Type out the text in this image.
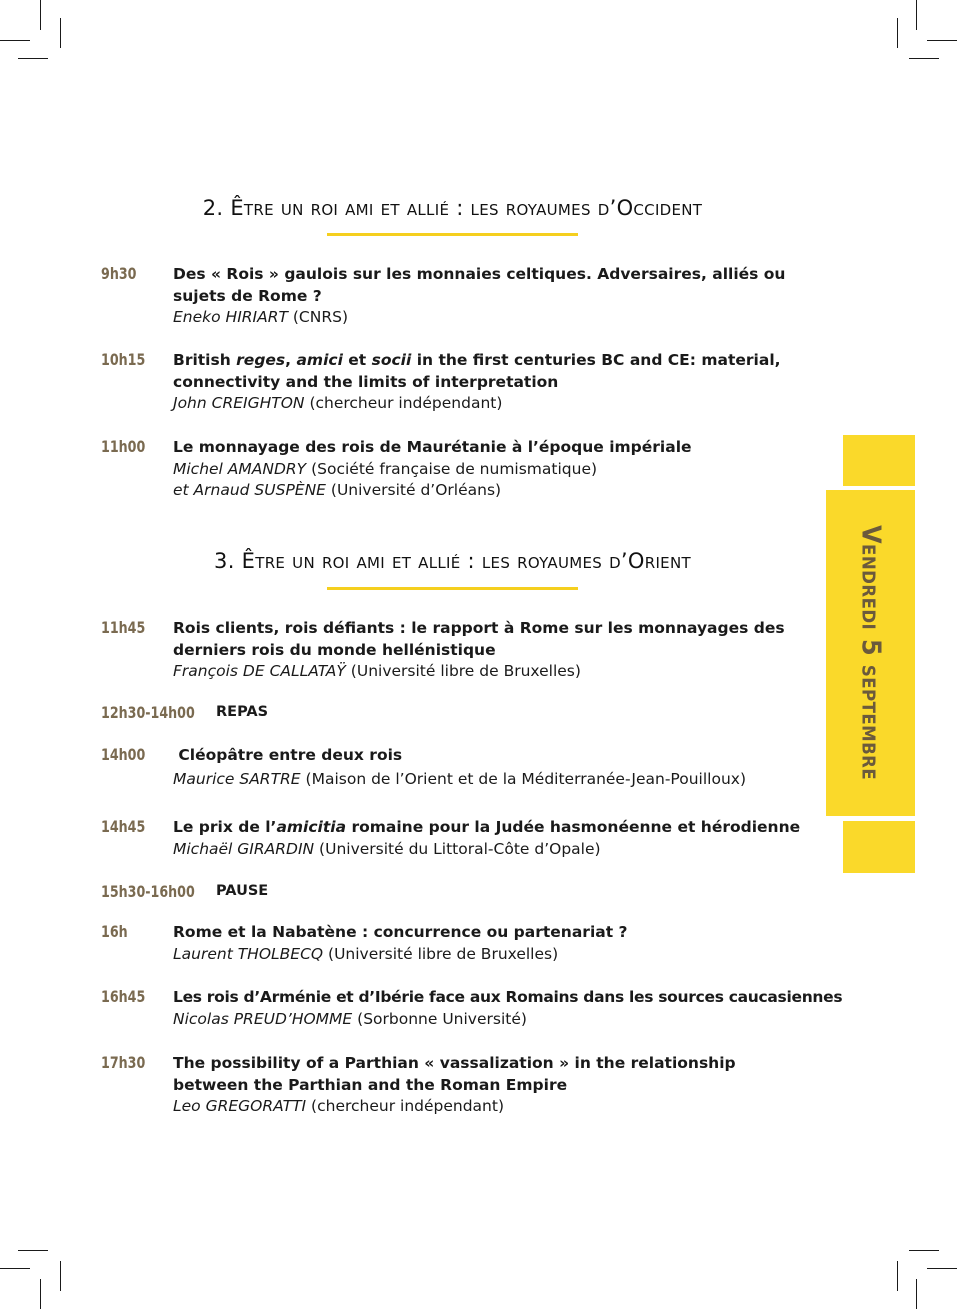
2. Être un roi ami et allié : les royaumes d’Occident
9h30 Des « Rois » gaulois sur les monnaies celtiques. Adversaires, alliés ou sujets de Rome ?
Eneko HIRIART (CNRS)
10h15 British reges, amici et socii in the first centuries BC and CE: material, connectivity and the limits of interpretation
John CREIGHTON (chercheur indépendant)
11h00 Le monnayage des rois de Maurétanie à l’époque impériale
Michel AMANDRY (Société française de numismatique)
et Arnaud SUSPÈNE (Université d’Orléans)
3. Être un roi ami et allié : les royaumes d’Orient
11h45 Rois clients, rois défiants : le rapport à Rome sur les monnayages des derniers rois du monde hellénistique
François DE CALLATAŸ (Université libre de Bruxelles)
12h30-14h00 REPAS
14h00 Cléopâtre entre deux rois
Maurice SARTRE (Maison de l’Orient et de la Méditerranée-Jean-Pouilloux)
14h45 Le prix de l’amicitia romaine pour la Judée hasmonéenne et hérodienne
Michaël GIRARDIN (Université du Littoral-Côte d’Opale)
15h30-16h00 PAUSE
16h	Rome et la Nabatène : concurrence ou partenariat ?
Laurent THOLBECQ (Université libre de Bruxelles)
16h45 Les rois d’Arménie et d’Ibérie face aux Romains dans les sources caucasiennes
Nicolas PREUD’HOMME (Sorbonne Université)
17h30 The possibility of a Parthian « vassalization » in the relationship between the Parthian and the Roman Empire
Leo GREGORATTI (chercheur indépendant)
Vendredi 5 septembre
